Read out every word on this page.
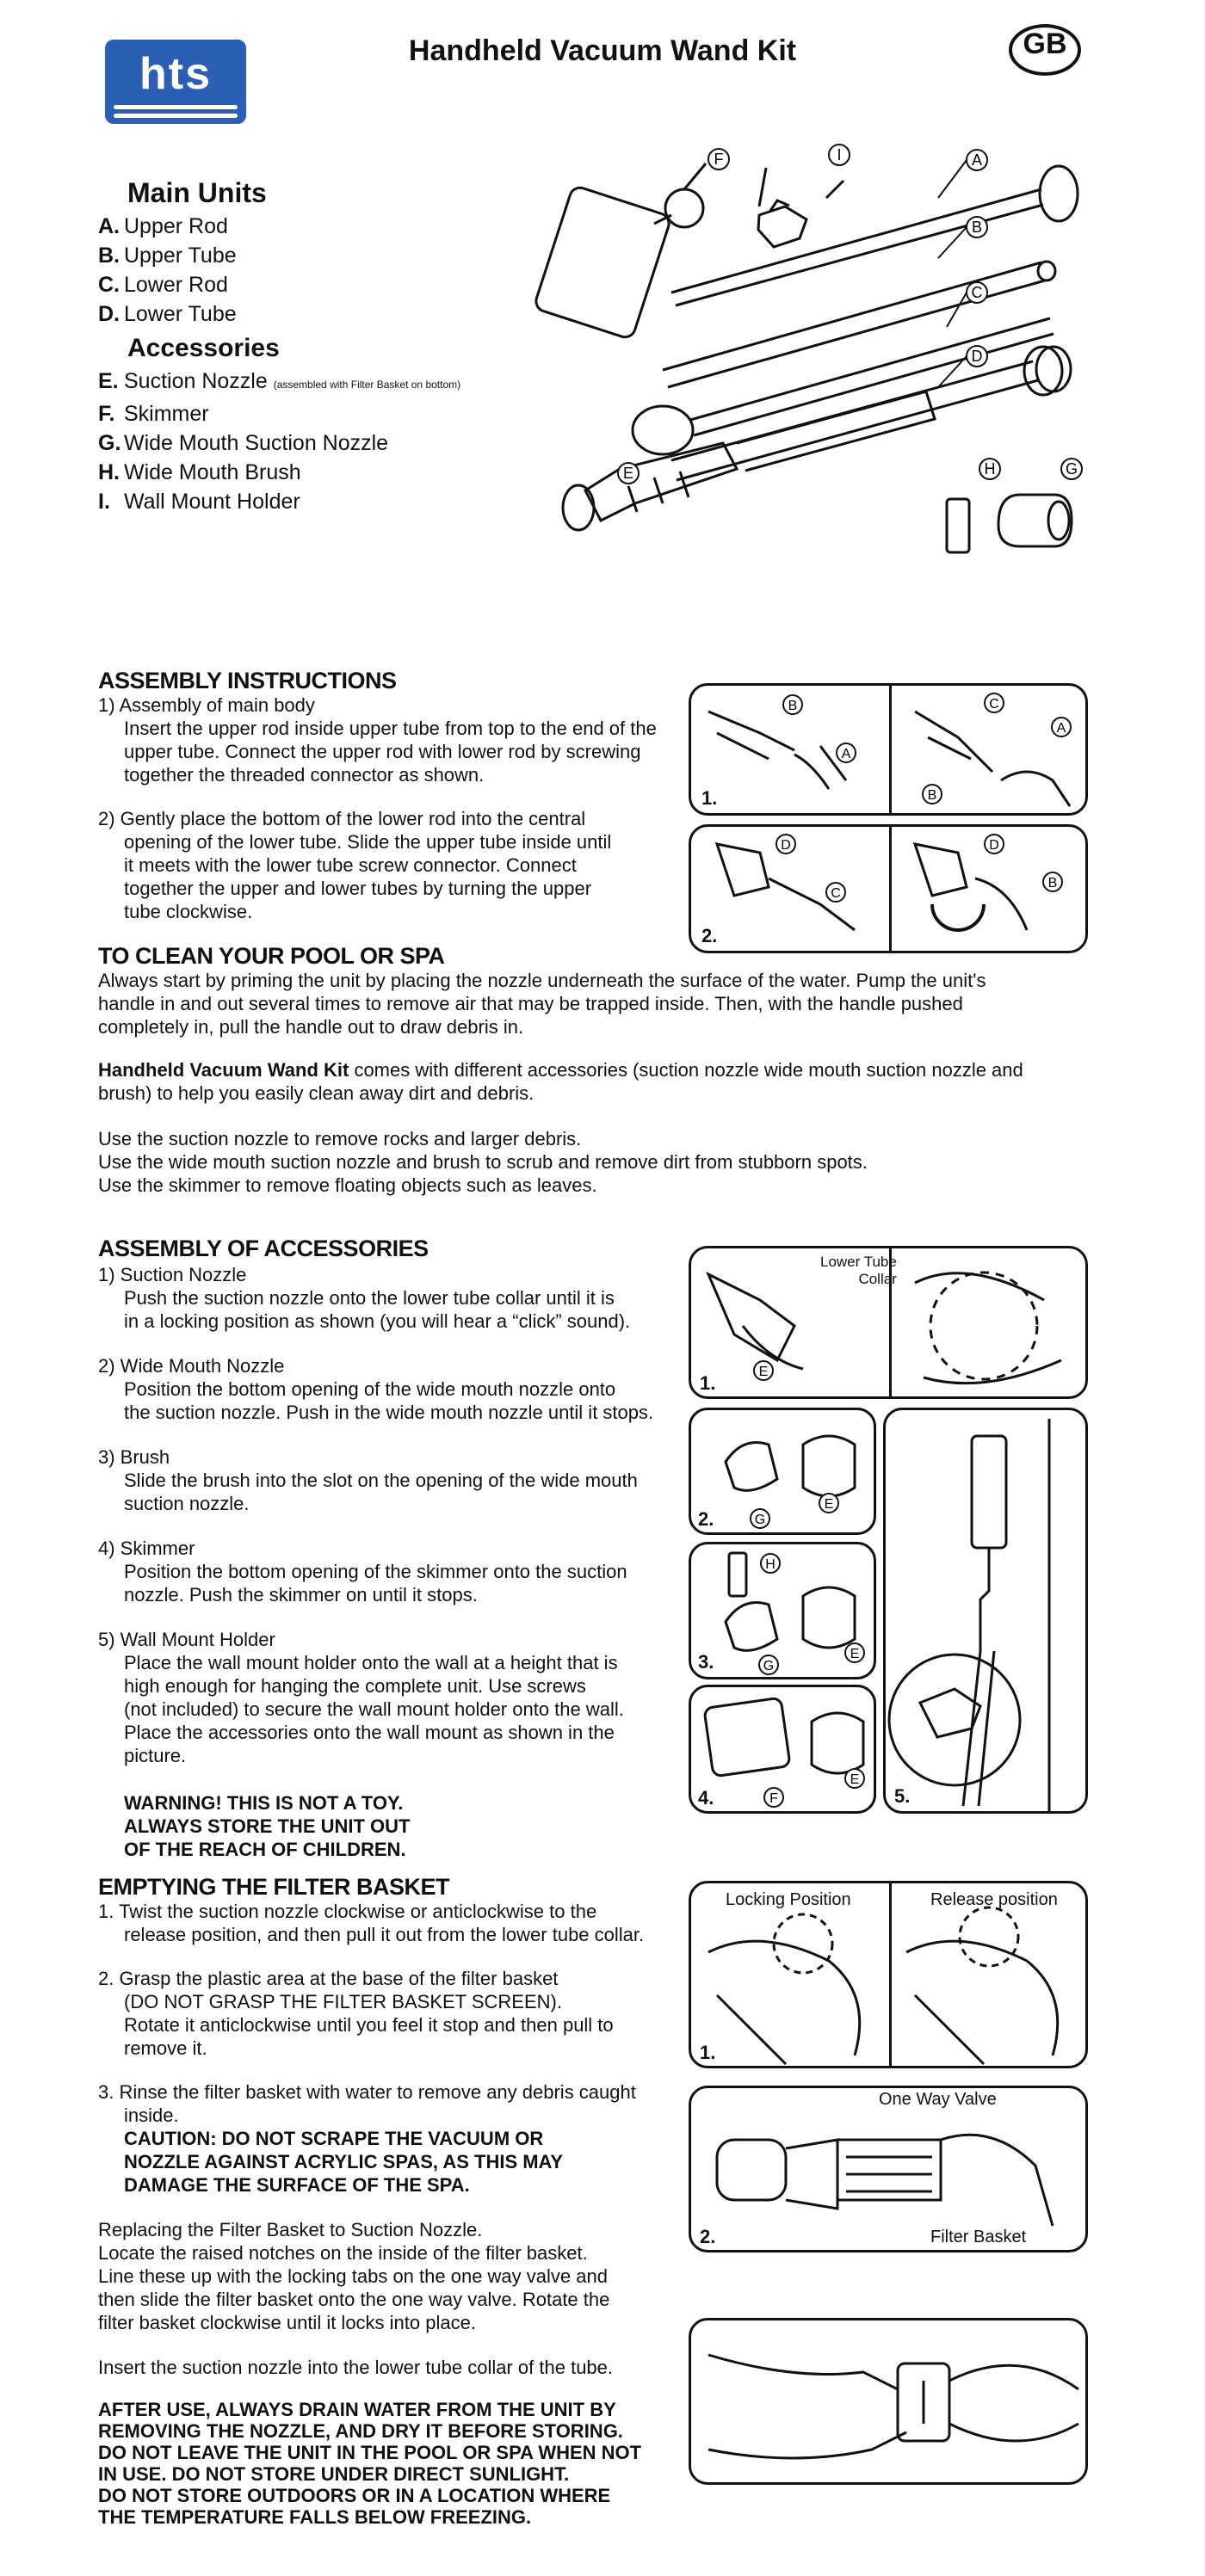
hts	Handheld Vacuum Wand Kit	GB
Main Units
A. Upper Rod
B. Upper Tube
C. Lower Rod
D. Lower Tube
Accessories
E. Suction Nozzle (assembled with Filter Basket on bottom)
F. Skimmer
G. Wide Mouth Suction Nozzle
H. Wide Mouth Brush
I. Wall Mount Holder
F	I	A
B
C
D
E	H	G
ASSEMBLY INSTRUCTIONS
1) Assembly of main body
Insert the upper rod inside upper tube from top to the end of the
upper tube. Connect the upper rod with lower rod by screwing
together the threaded connector as shown.
2) Gently place the bottom of the lower rod into the central
opening of the lower tube. Slide the upper tube inside until
it meets with the lower tube screw connector. Connect
together the upper and lower tubes by turning the upper
tube clockwise.
B
A
C
A
B
1.
D
C
D
B
2.
TO CLEAN YOUR POOL OR SPA
Always start by priming the unit by placing the nozzle underneath the surface of the water. Pump the unit's
handle in and out several times to remove air that may be trapped inside. Then, with the handle pushed
completely in, pull the handle out to draw debris in.
Handheld Vacuum Wand Kit comes with different accessories (suction nozzle wide mouth suction nozzle and
brush) to help you easily clean away dirt and debris.
Use the suction nozzle to remove rocks and larger debris.
Use the wide mouth suction nozzle and brush to scrub and remove dirt from stubborn spots.
Use the skimmer to remove floating objects such as leaves.
ASSEMBLY OF ACCESSORIES
1) Suction Nozzle
Push the suction nozzle onto the lower tube collar until it is
in a locking position as shown (you will hear a “click” sound).
2) Wide Mouth Nozzle
Position the bottom opening of the wide mouth nozzle onto
the suction nozzle. Push in the wide mouth nozzle until it stops.
3) Brush
Slide the brush into the slot on the opening of the wide mouth
suction nozzle.
4) Skimmer
Position the bottom opening of the skimmer onto the suction
nozzle. Push the skimmer on until it stops.
5) Wall Mount Holder
Place the wall mount holder onto the wall at a height that is
high enough for hanging the complete unit. Use screws
(not included) to secure the wall mount holder onto the wall.
Place the accessories onto the wall mount as shown in the
picture.
WARNING! THIS IS NOT A TOY.
ALWAYS STORE THE UNIT OUT
OF THE REACH OF CHILDREN.
E
Lower Tube
Collar
1.
G
E
2.
H
G
E
3.
F
E
4.	5.
EMPTYING THE FILTER BASKET
1. Twist the suction nozzle clockwise or anticlockwise to the
release position, and then pull it out from the lower tube collar.
2. Grasp the plastic area at the base of the filter basket
(DO NOT GRASP THE FILTER BASKET SCREEN).
Rotate it anticlockwise until you feel it stop and then pull to
remove it.
3. Rinse the filter basket with water to remove any debris caught
inside.
CAUTION: DO NOT SCRAPE THE VACUUM OR
NOZZLE AGAINST ACRYLIC SPAS, AS THIS MAY
DAMAGE THE SURFACE OF THE SPA.
Replacing the Filter Basket to Suction Nozzle.
Locate the raised notches on the inside of the filter basket.
Line these up with the locking tabs on the one way valve and
then slide the filter basket onto the one way valve. Rotate the
filter basket clockwise until it locks into place.
Insert the suction nozzle into the lower tube collar of the tube.
AFTER USE, ALWAYS DRAIN WATER FROM THE UNIT BY
REMOVING THE NOZZLE, AND DRY IT BEFORE STORING.
DO NOT LEAVE THE UNIT IN THE POOL OR SPA WHEN NOT
IN USE. DO NOT STORE UNDER DIRECT SUNLIGHT.
DO NOT STORE OUTDOORS OR IN A LOCATION WHERE
THE TEMPERATURE FALLS BELOW FREEZING.
Locking Position	Release position
1.
One Way Valve
Filter Basket
2.
